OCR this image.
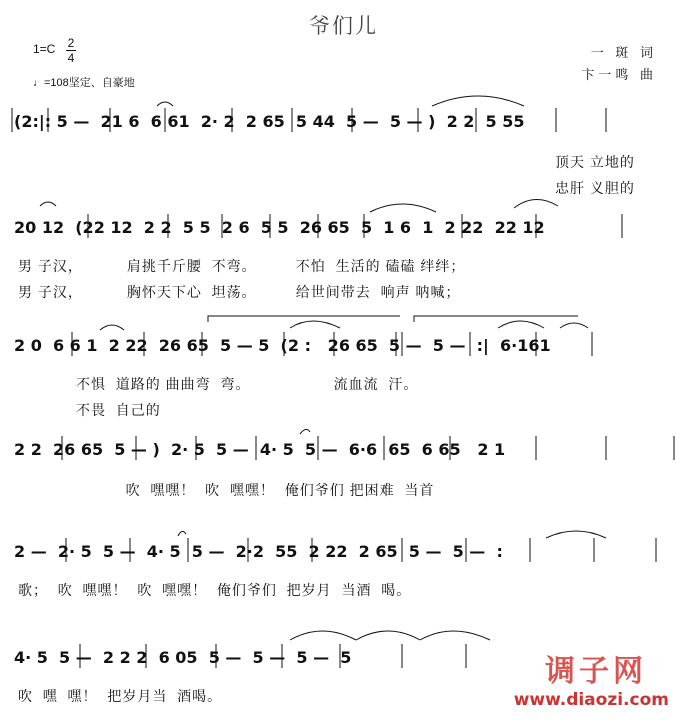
爷们儿
1=C 2
4
♩=108坚定、自豪地
一 斑 词
卞一鸣 曲
(2:|: 5 —  21 6  6 61  2· 2  2 65  5 44  5 —  5 — )  2 2  5 55
顶天 立地的
忠肝 义胆的
20 12  (22 12  2 2  5 5  2 6  5 5  26 65  5  1 6  1  2 22  22 12
男 子汉，         肩挑千斤腰  不弯。        不怕  生活的 磕磕 绊绊；
男 子汉，         胸怀天下心  坦荡。        给世间带去  响声 呐喊；
2 0  6 6 1  2 22  26 65  5 — 5  (2 :   26 65  5 —  5 —  :|  6·161
不惧  道路的 曲曲弯  弯。                 流血流  汗。
不畏  自己的
2 2  26 65  5 — )  2· 5  5 —  4· 5  5 —  6·6  65  6 65   2 1
吹  嘿嘿！  吹  嘿嘿！  俺们爷们 把困难  当首
2 —  2· 5  5 —  4· 5  5 —  2·2  55  2 22  2 65  5 —  5 —  :
歌；  吹  嘿嘿！  吹  嘿嘿！  俺们爷们  把岁月  当酒  喝。
4· 5  5 —  2 2 2  6 05  5 —  5 —  5 —  5
吹  嘿  嘿！  把岁月当  酒喝。
调子网
www.diaozi.com
